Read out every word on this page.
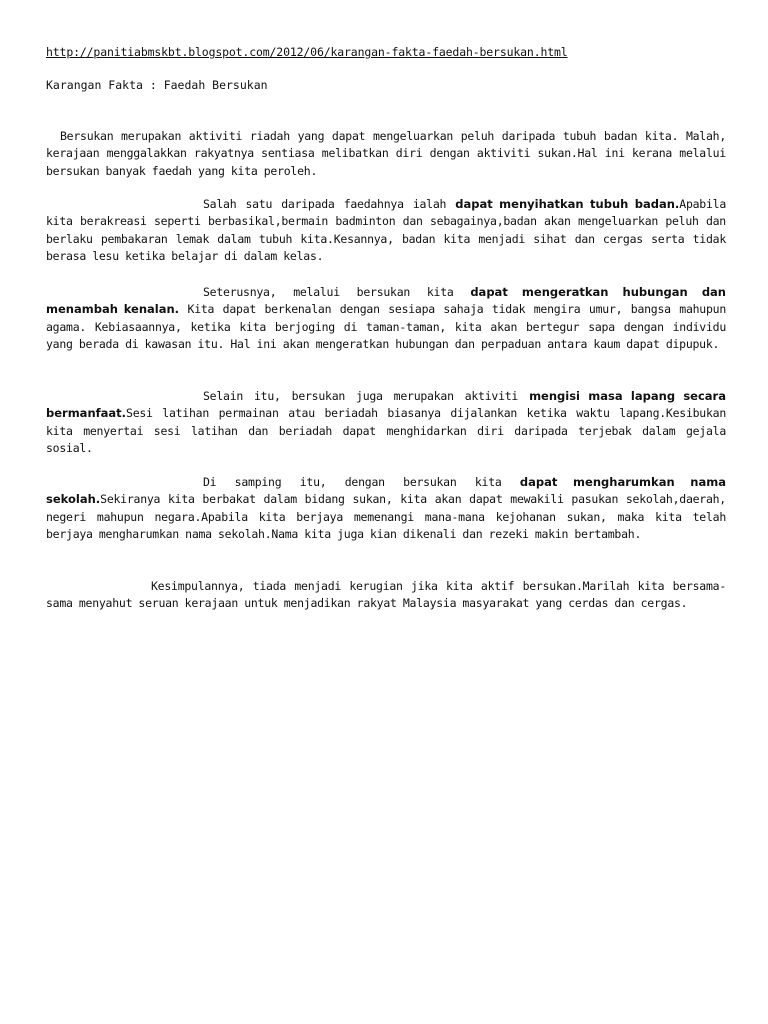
http://panitiabmskbt.blogspot.com/2012/06/karangan-fakta-faedah-bersukan.html
Karangan Fakta : Faedah Bersukan

Bersukan merupakan aktiviti riadah yang dapat mengeluarkan peluh daripada tubuh badan kita. Malah, kerajaan menggalakkan rakyatnya sentiasa melibatkan diri dengan aktiviti sukan.Hal ini kerana melalui bersukan banyak faedah yang kita peroleh.

Salah satu daripada faedahnya ialah dapat menyihatkan tubuh badan.Apabila kita berakreasi seperti berbasikal,bermain badminton dan sebagainya,badan akan mengeluarkan peluh dan berlaku pembakaran lemak dalam tubuh kita.Kesannya, badan kita menjadi sihat dan cergas serta tidak berasa lesu ketika belajar di dalam kelas.

Seterusnya, melalui bersukan kita dapat mengeratkan hubungan dan menambah kenalan. Kita dapat berkenalan dengan sesiapa sahaja tidak mengira umur, bangsa mahupun agama. Kebiasaannya, ketika kita berjoging di taman-taman, kita akan bertegur sapa dengan individu yang berada di kawasan itu. Hal ini akan mengeratkan hubungan dan perpaduan antara kaum dapat dipupuk.

Selain itu, bersukan juga merupakan aktiviti mengisi masa lapang secara bermanfaat.Sesi latihan permainan atau beriadah biasanya dijalankan ketika waktu lapang.Kesibukan kita menyertai sesi latihan dan beriadah dapat menghidarkan diri daripada terjebak dalam gejala sosial.

Di samping itu, dengan bersukan kita dapat mengharumkan nama sekolah.Sekiranya kita berbakat dalam bidang sukan, kita akan dapat mewakili pasukan sekolah,daerah, negeri mahupun negara.Apabila kita berjaya memenangi mana-mana kejohanan sukan, maka kita telah berjaya mengharumkan nama sekolah.Nama kita juga kian dikenali dan rezeki makin bertambah.

Kesimpulannya, tiada menjadi kerugian jika kita aktif bersukan.Marilah kita bersama-sama menyahut seruan kerajaan untuk menjadikan rakyat Malaysia masyarakat yang cerdas dan cergas.
